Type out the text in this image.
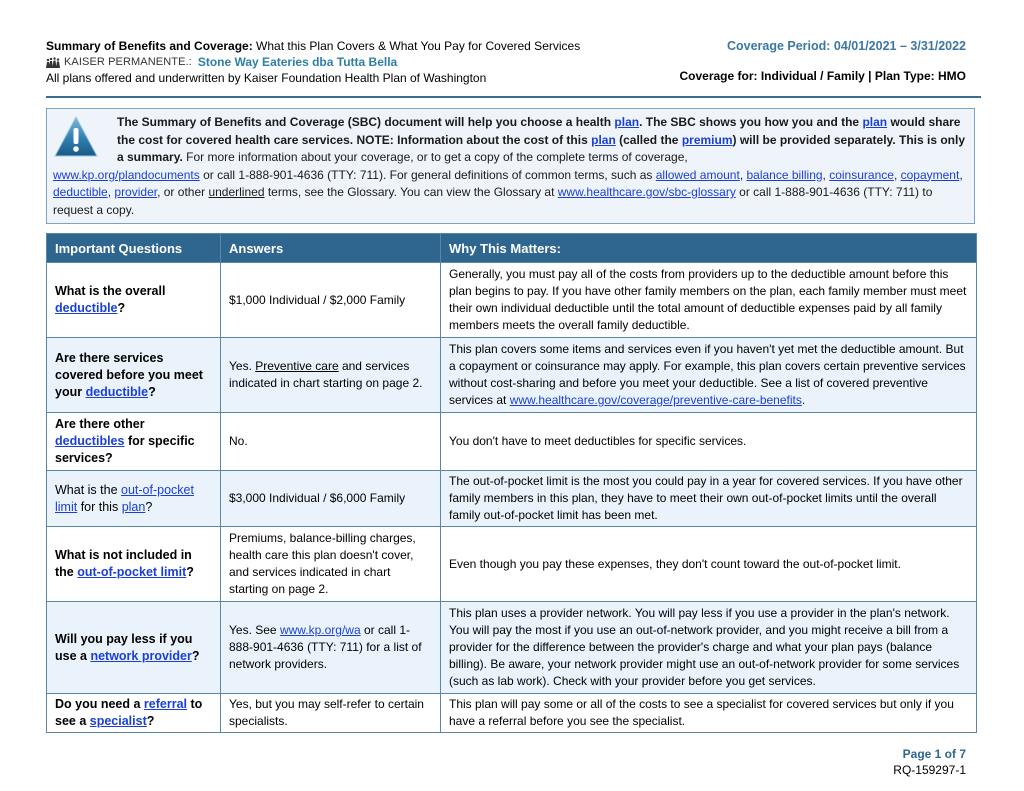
Summary of Benefits and Coverage: What this Plan Covers & What You Pay for Covered Services
KAISER PERMANENTE.: Stone Way Eateries dba Tutta Bella
All plans offered and underwritten by Kaiser Foundation Health Plan of Washington
Coverage Period: 04/01/2021 – 3/31/2022
Coverage for: Individual / Family | Plan Type: HMO
The Summary of Benefits and Coverage (SBC) document will help you choose a health plan. The SBC shows you how you and the plan would share the cost for covered health care services. NOTE: Information about the cost of this plan (called the premium) will be provided separately. This is only a summary. For more information about your coverage, or to get a copy of the complete terms of coverage,
www.kp.org/plandocuments or call 1-888-901-4636 (TTY: 711). For general definitions of common terms, such as allowed amount, balance billing, coinsurance, copayment, deductible, provider, or other underlined terms, see the Glossary. You can view the Glossary at www.healthcare.gov/sbc-glossary or call 1-888-901-4636 (TTY: 711) to request a copy.
Important Questions	Answers	Why This Matters:
What is the overall deductible?	$1,000 Individual / $2,000 Family	Generally, you must pay all of the costs from providers up to the deductible amount before this plan begins to pay. If you have other family members on the plan, each family member must meet their own individual deductible until the total amount of deductible expenses paid by all family members meets the overall family deductible.
Are there services covered before you meet your deductible?	Yes. Preventive care and services indicated in chart starting on page 2.	This plan covers some items and services even if you haven't yet met the deductible amount. But a copayment or coinsurance may apply. For example, this plan covers certain preventive services without cost-sharing and before you meet your deductible. See a list of covered preventive services at www.healthcare.gov/coverage/preventive-care-benefits.
Are there other deductibles for specific services?	No.	You don't have to meet deductibles for specific services.
What is the out-of-pocket limit for this plan?	$3,000 Individual / $6,000 Family	The out-of-pocket limit is the most you could pay in a year for covered services. If you have other family members in this plan, they have to meet their own out-of-pocket limits until the overall family out-of-pocket limit has been met.
What is not included in the out-of-pocket limit?	Premiums, balance-billing charges, health care this plan doesn't cover, and services indicated in chart starting on page 2.	Even though you pay these expenses, they don't count toward the out-of-pocket limit.
Will you pay less if you use a network provider?	Yes. See www.kp.org/wa or call 1-888-901-4636 (TTY: 711) for a list of network providers.	This plan uses a provider network. You will pay less if you use a provider in the plan's network. You will pay the most if you use an out-of-network provider, and you might receive a bill from a provider for the difference between the provider's charge and what your plan pays (balance billing). Be aware, your network provider might use an out-of-network provider for some services (such as lab work). Check with your provider before you get services.
Do you need a referral to see a specialist?	Yes, but you may self-refer to certain specialists.	This plan will pay some or all of the costs to see a specialist for covered services but only if you have a referral before you see the specialist.
Page 1 of 7
RQ-159297-1
